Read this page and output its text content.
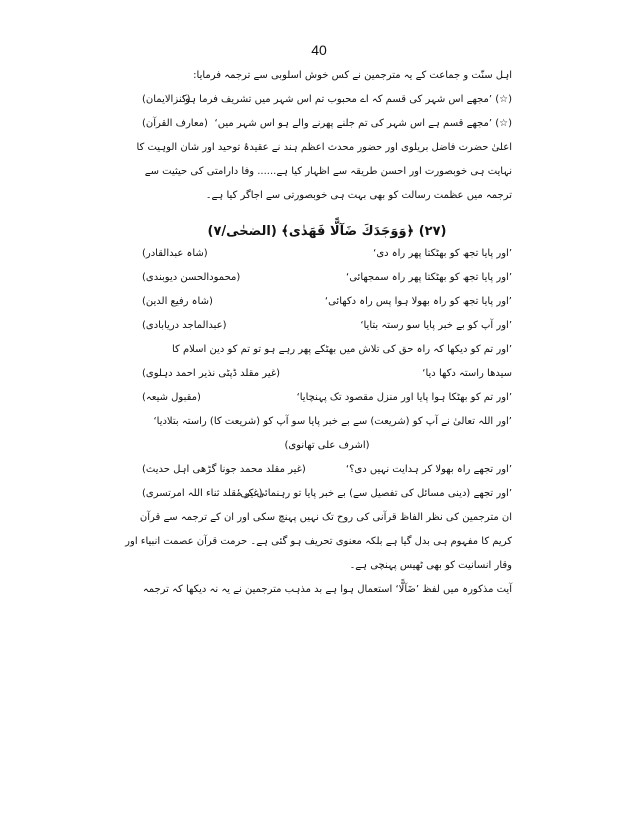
40
اہل سنّت و جماعت کے یہ مترجمین نے کس خوش اسلوبی سے ترجمہ فرمایا:
(☆) ’مجھے اس شہر کی قسم کہ اے محبوب تم اس شہر میں تشریف فرما ہو‘
(کنزالایمان)
(☆) ’مجھے قسم ہے اس شہر کی تم جلنے پھرنے والے ہو اس شہر میں‘
(معارف القرآن)
اعلیٰ حضرت فاضل بریلوی اور حضور محدث اعظم ہند نے عقیدۂ توحید اور شان الوہیت کا
نہایت ہی خوبصورت اور احسن طریقہ سے اظہار کیا ہے...... وفا دارامتی کی حیثیت سے
ترجمہ میں عظمت رسالت کو بھی بہت ہی خوبصورتی سے اجاگر کیا ہے۔
(۲۷) ﴿وَوَجَدَكَ ضَآلًّا فَهَدٰى﴾ (الضحٰی/۷)
’اور پایا تجھ کو بھٹکتا پھر راہ دی‘
(شاہ عبدالقادر)
’اور پایا تجھ کو بھٹکتا پھر راہ سمجھائی‘
(محمودالحسن دیوبندی)
’اور پایا تجھ کو راہ بھولا ہوا پس راہ دکھائی‘
(شاہ رفیع الدین)
’اور آپ کو بے خبر پایا سو رستہ بتایا‘
(عبدالماجد دریابادی)
’اور تم کو دیکھا کہ راہ حق کی تلاش میں بھٹکے پھر رہے ہو تو تم کو دین اسلام کا
سیدھا راستہ دکھا دیا‘
(غیر مقلد ڈپٹی نذیر احمد دہلوی)
’اور تم کو بھٹکا ہوا پایا اور منزل مقصود تک پہنچایا‘
(مقبول شیعہ)
’اور اللہ تعالیٰ نے آپ کو (شریعت) سے بے خبر پایا سو آپ کو (شریعت کا) راستہ بتلادیا‘
(اشرف علی تھانوی)
’اور تجھے راہ بھولا کر ہدایت نہیں دی؟‘
(غیر مقلد محمد جونا گڑھی اہل حدیث)
’اور تجھے (دینی مسائل کی تفصیل سے) بے خبر پایا تو رہنمائی کی‘
(غیر مقلد ثناء اللہ امرتسری)
ان مترجمین کی نظر الفاظ قرآنی کی روح تک نہیں پہنچ سکی اور ان کے ترجمہ سے قرآن
کریم کا مفہوم ہی بدل گیا ہے بلکہ معنوی تحریف ہو گئی ہے۔ حرمت قرآن عصمت انبیاء اور
وقار انسانیت کو بھی ٹھیس پہنچی ہے۔
آیت مذکورہ میں لفظ ’ضَآلًّا‘ استعمال ہوا ہے بد مذہب مترجمین نے یہ نہ دیکھا کہ ترجمہ
